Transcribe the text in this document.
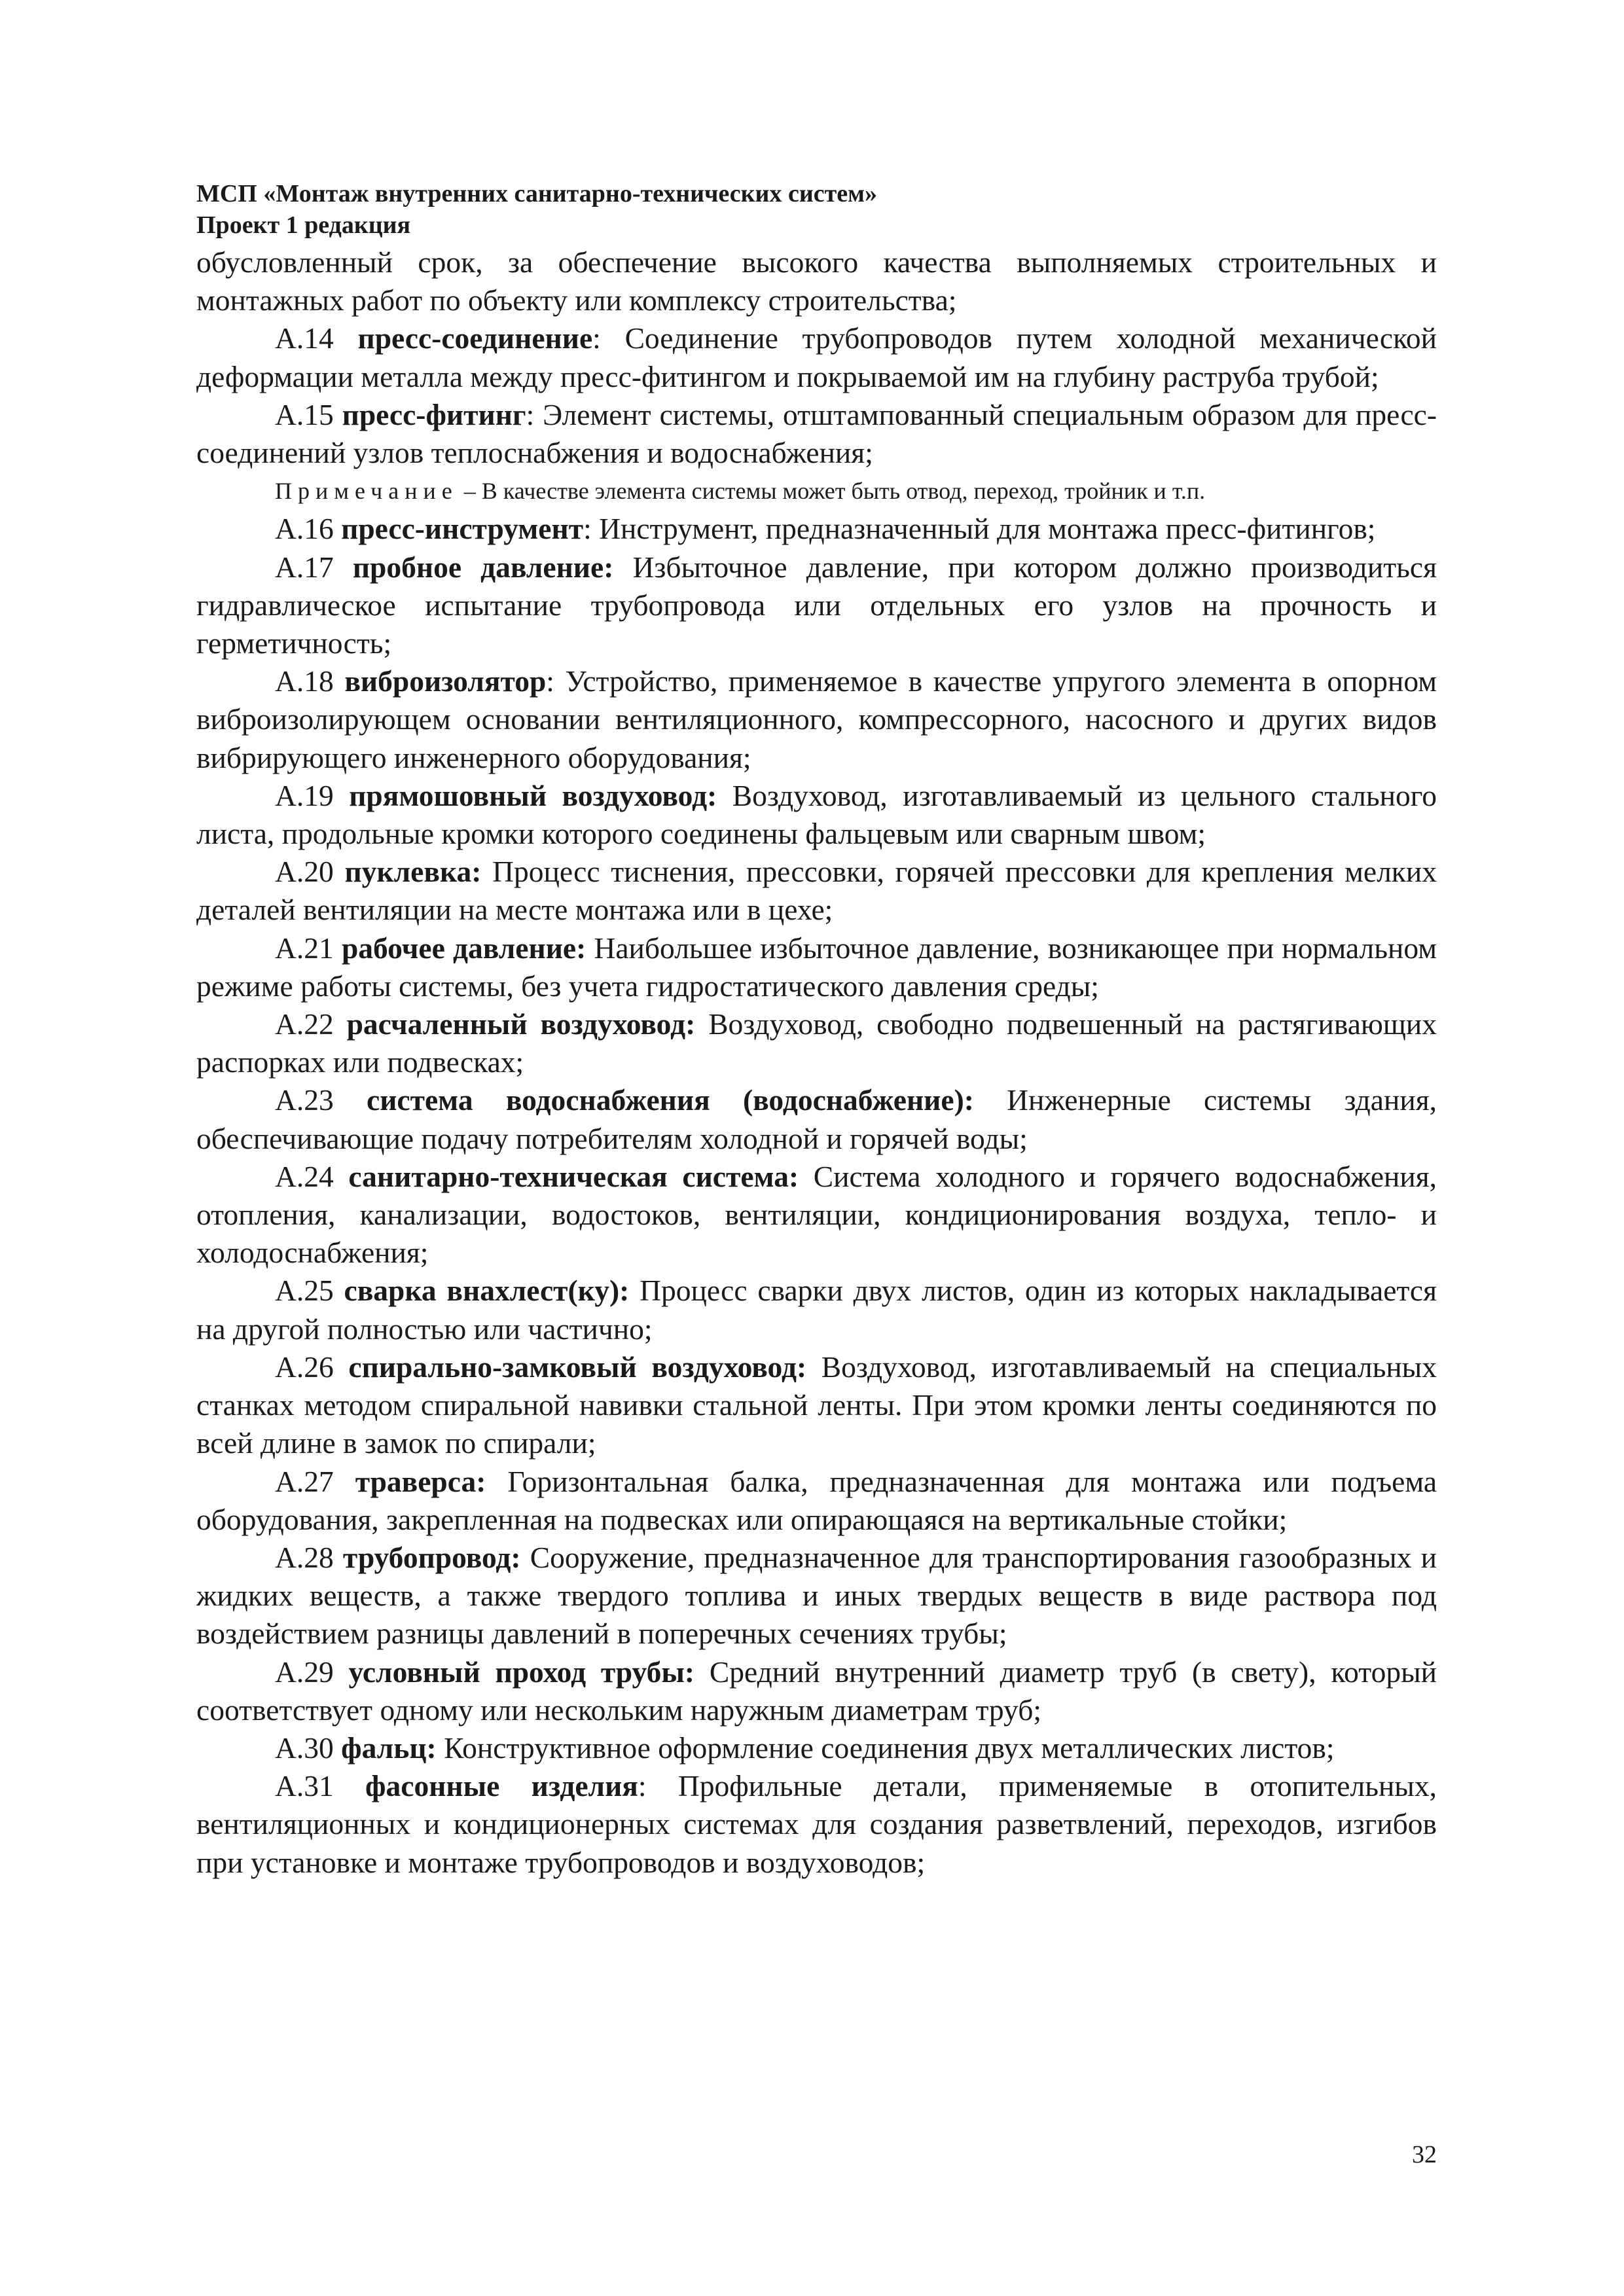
МСП «Монтаж внутренних санитарно-технических систем»
Проект 1 редакция

обусловленный срок, за обеспечение высокого качества выполняемых строительных и монтажных работ по объекту или комплексу строительства;

А.14 пресс-соединение: Соединение трубопроводов путем холодной механической деформации металла между пресс-фитингом и покрываемой им на глубину раструба трубой;

А.15 пресс-фитинг: Элемент системы, отштампованный специальным образом для пресс-соединений узлов теплоснабжения и водоснабжения;

Примечание – В качестве элемента системы может быть отвод, переход, тройник и т.п.

А.16 пресс-инструмент: Инструмент, предназначенный для монтажа пресс-фитингов;

А.17 пробное давление: Избыточное давление, при котором должно производиться гидравлическое испытание трубопровода или отдельных его узлов на прочность и герметичность;

А.18 виброизолятор: Устройство, применяемое в качестве упругого элемента в опорном виброизолирующем основании вентиляционного, компрессорного, насосного и других видов вибрирующего инженерного оборудования;

А.19 прямошовный воздуховод: Воздуховод, изготавливаемый из цельного стального листа, продольные кромки которого соединены фальцевым или сварным швом;

А.20 пуклевка: Процесс тиснения, прессовки, горячей прессовки для крепления мелких деталей вентиляции на месте монтажа или в цехе;

А.21 рабочее давление: Наибольшее избыточное давление, возникающее при нормальном режиме работы системы, без учета гидростатического давления среды;

А.22 расчаленный воздуховод: Воздуховод, свободно подвешенный на растягивающих распорках или подвесках;

А.23 система водоснабжения (водоснабжение): Инженерные системы здания, обеспечивающие подачу потребителям холодной и горячей воды;

А.24 санитарно-техническая система: Система холодного и горячего водоснабжения, отопления, канализации, водостоков, вентиляции, кондиционирования воздуха, тепло- и холодоснабжения;

А.25 сварка внахлест(ку): Процесс сварки двух листов, один из которых накладывается на другой полностью или частично;

А.26 спирально-замковый воздуховод: Воздуховод, изготавливаемый на специальных станках методом спиральной навивки стальной ленты. При этом кромки ленты соединяются по всей длине в замок по спирали;

А.27 траверса: Горизонтальная балка, предназначенная для монтажа или подъема оборудования, закрепленная на подвесках или опирающаяся на вертикальные стойки;

А.28 трубопровод: Сооружение, предназначенное для транспортирования газообразных и жидких веществ, а также твердого топлива и иных твердых веществ в виде раствора под воздействием разницы давлений в поперечных сечениях трубы;

А.29 условный проход трубы: Средний внутренний диаметр труб (в свету), который соответствует одному или нескольким наружным диаметрам труб;

А.30 фальц: Конструктивное оформление соединения двух металлических листов;

А.31 фасонные изделия: Профильные детали, применяемые в отопительных, вентиляционных и кондиционерных системах для создания разветвлений, переходов, изгибов при установке и монтаже трубопроводов и воздуховодов;

32
